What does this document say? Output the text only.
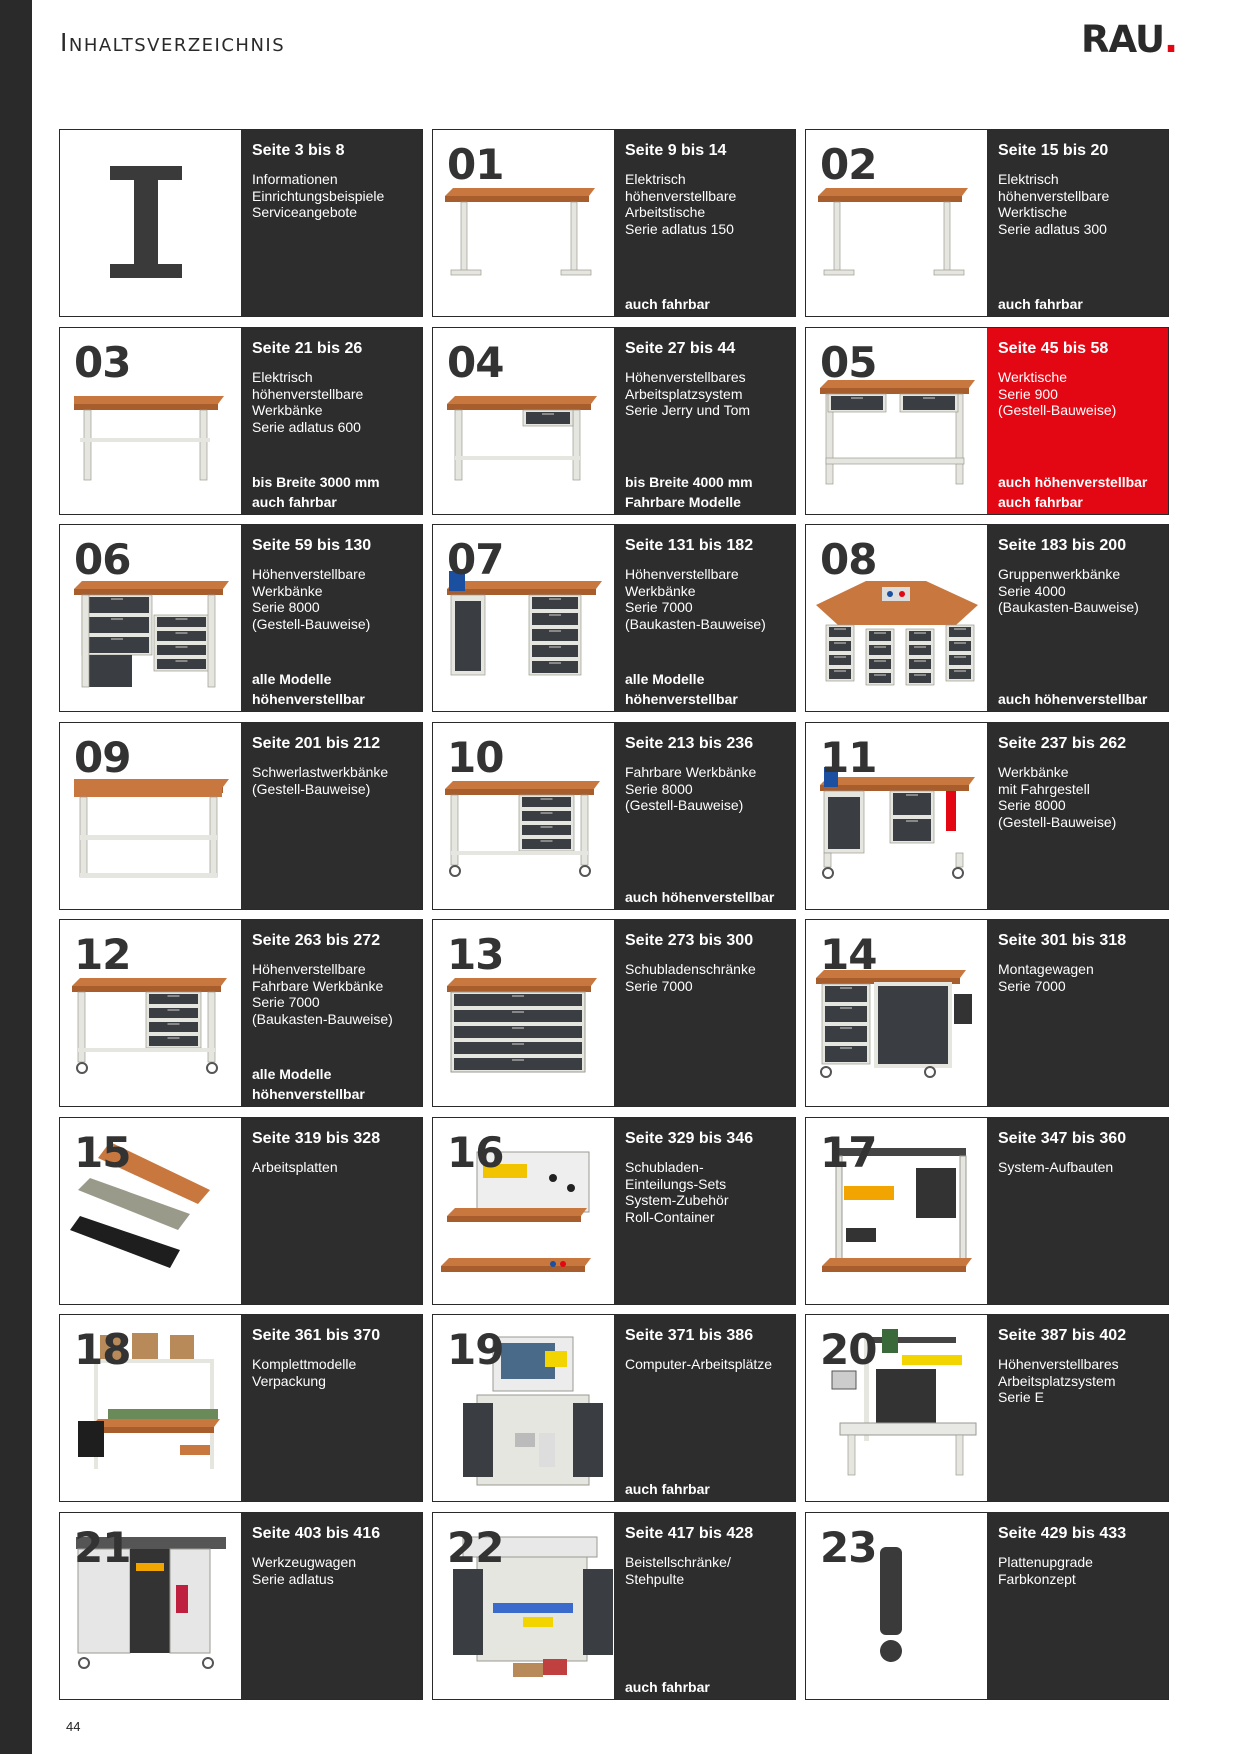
Inhaltsverzeichnis	RAU.
Seite 3 bis 8
Informationen
Einrichtungsbeispiele
Serviceangebote
01	Seite 9 bis 14
Elektrisch
höhenverstellbare
Arbeitstische
Serie adlatus 150
auch fahrbar
02	Seite 15 bis 20
Elektrisch
höhenverstellbare
Werktische
Serie adlatus 300
auch fahrbar
03	Seite 21 bis 26
Elektrisch
höhenverstellbare
Werkbänke
Serie adlatus 600
bis Breite 3000 mm
auch fahrbar
04	Seite 27 bis 44
Höhenverstellbares
Arbeitsplatzsystem
Serie Jerry und Tom
bis Breite 4000 mm
Fahrbare Modelle
05	Seite 45 bis 58
Werktische
Serie 900
(Gestell-Bauweise)
auch höhenverstellbar
auch fahrbar
06	Seite 59 bis 130
Höhenverstellbare
Werkbänke
Serie 8000
(Gestell-Bauweise)
alle Modelle
höhenverstellbar
07	Seite 131 bis 182
Höhenverstellbare
Werkbänke
Serie 7000
(Baukasten-Bauweise)
alle Modelle
höhenverstellbar
08	Seite 183 bis 200
Gruppenwerkbänke
Serie 4000
(Baukasten-Bauweise)
auch höhenverstellbar
09	Seite 201 bis 212
Schwerlastwerkbänke
(Gestell-Bauweise)
10	Seite 213 bis 236
Fahrbare Werkbänke
Serie 8000
(Gestell-Bauweise)
auch höhenverstellbar
11	Seite 237 bis 262
Werkbänke
mit Fahrgestell
Serie 8000
(Gestell-Bauweise)
12	Seite 263 bis 272
Höhenverstellbare
Fahrbare Werkbänke
Serie 7000
(Baukasten-Bauweise)
alle Modelle
höhenverstellbar
13	Seite 273 bis 300
Schubladenschränke
Serie 7000
14	Seite 301 bis 318
Montagewagen
Serie 7000
15	Seite 319 bis 328
Arbeitsplatten	16	Seite 329 bis 346
Schubladen-
Einteilungs-Sets
System-Zubehör
Roll-Container
17	Seite 347 bis 360
System-Aufbauten
18	Seite 361 bis 370
Komplettmodelle
Verpackung
19	Seite 371 bis 386
Computer-Arbeitsplätze
auch fahrbar
20	Seite 387 bis 402
Höhenverstellbares
Arbeitsplatzsystem
Serie E
21	Seite 403 bis 416
Werkzeugwagen
Serie adlatus
22	Seite 417 bis 428
Beistellschränke/
Stehpulte
auch fahrbar
23	Seite 429 bis 433
Plattenupgrade
Farbkonzept
44
